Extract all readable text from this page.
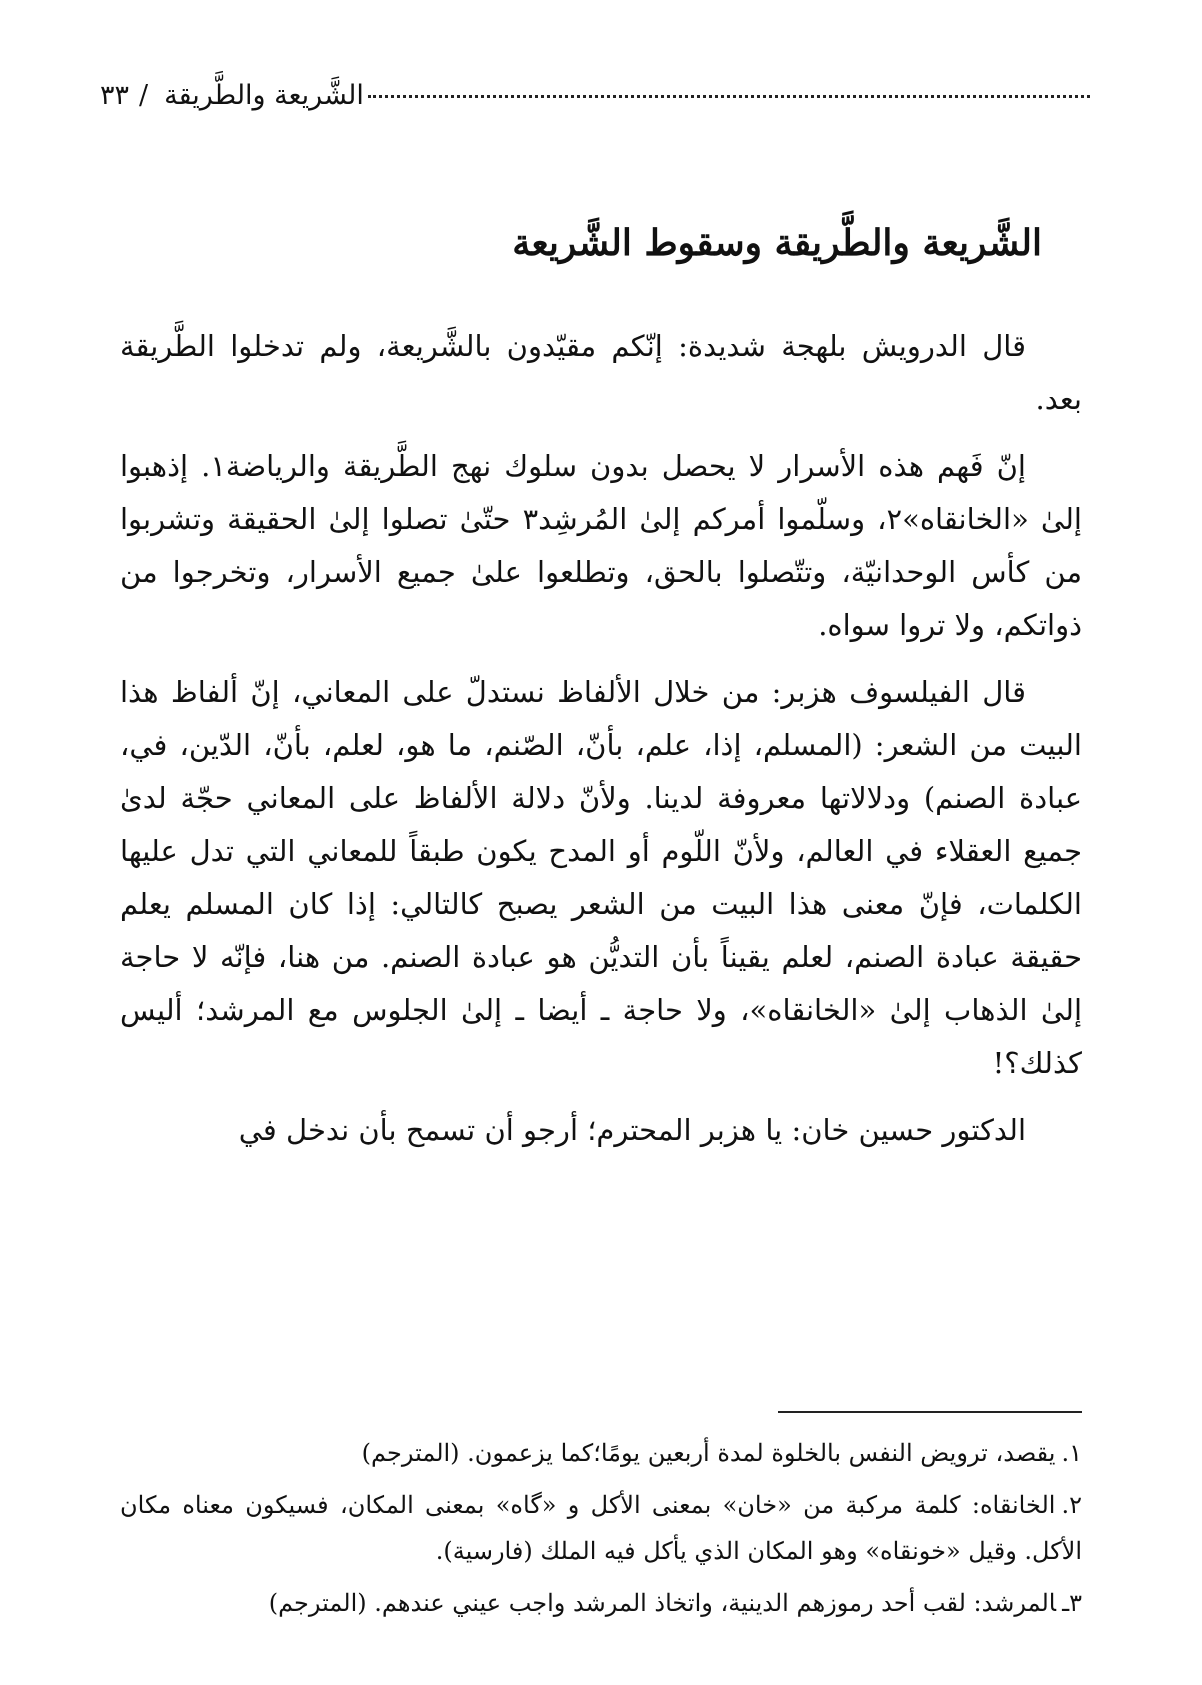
٣٣ / الشَّريعة والطَّريقة
الشَّريعة والطَّريقة وسقوط الشَّريعة

قال الدرويش بلهجة شديدة: إنّكم مقيّدون بالشَّريعة، ولم تدخلوا الطَّريقة بعد.

إنّ فَهم هذه الأسرار لا يحصل بدون سلوك نهج الطَّريقة والرياضة١. إذهبوا إلىٰ «الخانقاه»٢، وسلّموا أمركم إلىٰ المُرشِد٣ حتّىٰ تصلوا إلىٰ الحقيقة وتشربوا من كأس الوحدانيّة، وتتّصلوا بالحق، وتطلعوا علىٰ جميع الأسرار، وتخرجوا من ذواتكم، ولا تروا سواه.

قال الفيلسوف هزبر: من خلال الألفاظ نستدلّ على المعاني، إنّ ألفاظ هذا البيت من الشعر: (المسلم، إذا، علم، بأنّ، الصّنم، ما هو، لعلم، بأنّ، الدّين، في، عبادة الصنم) ودلالاتها معروفة لدينا. ولأنّ دلالة الألفاظ على المعاني حجّة لدىٰ جميع العقلاء في العالم، ولأنّ اللّوم أو المدح يكون طبقاً للمعاني التي تدل عليها الكلمات، فإنّ معنى هذا البيت من الشعر يصبح كالتالي: إذا كان المسلم يعلم حقيقة عبادة الصنم، لعلم يقيناً بأن التديُّن هو عبادة الصنم. من هنا، فإنّه لا حاجة إلىٰ الذهاب إلىٰ «الخانقاه»، ولا حاجة ـ أيضا ـ إلىٰ الجلوس مع المرشد؛ أليس كذلك؟!

الدكتور حسين خان: يا هزبر المحترم؛ أرجو أن تسمح بأن ندخل في

١.يقصد، ترويض النفس بالخلوة لمدة أربعين يومًا؛كما يزعمون. (المترجم)
٢.الخانقاه: كلمة مركبة من «خان» بمعنى الأكل و «گاه» بمعنى المكان، فسيكون معناه مكان الأكل. وقيل «خونقاه» وهو المكان الذي يأكل فيه الملك (فارسية).
٣ـالمرشد: لقب أحد رموزهم الدينية، واتخاذ المرشد واجب عيني عندهم. (المترجم)
